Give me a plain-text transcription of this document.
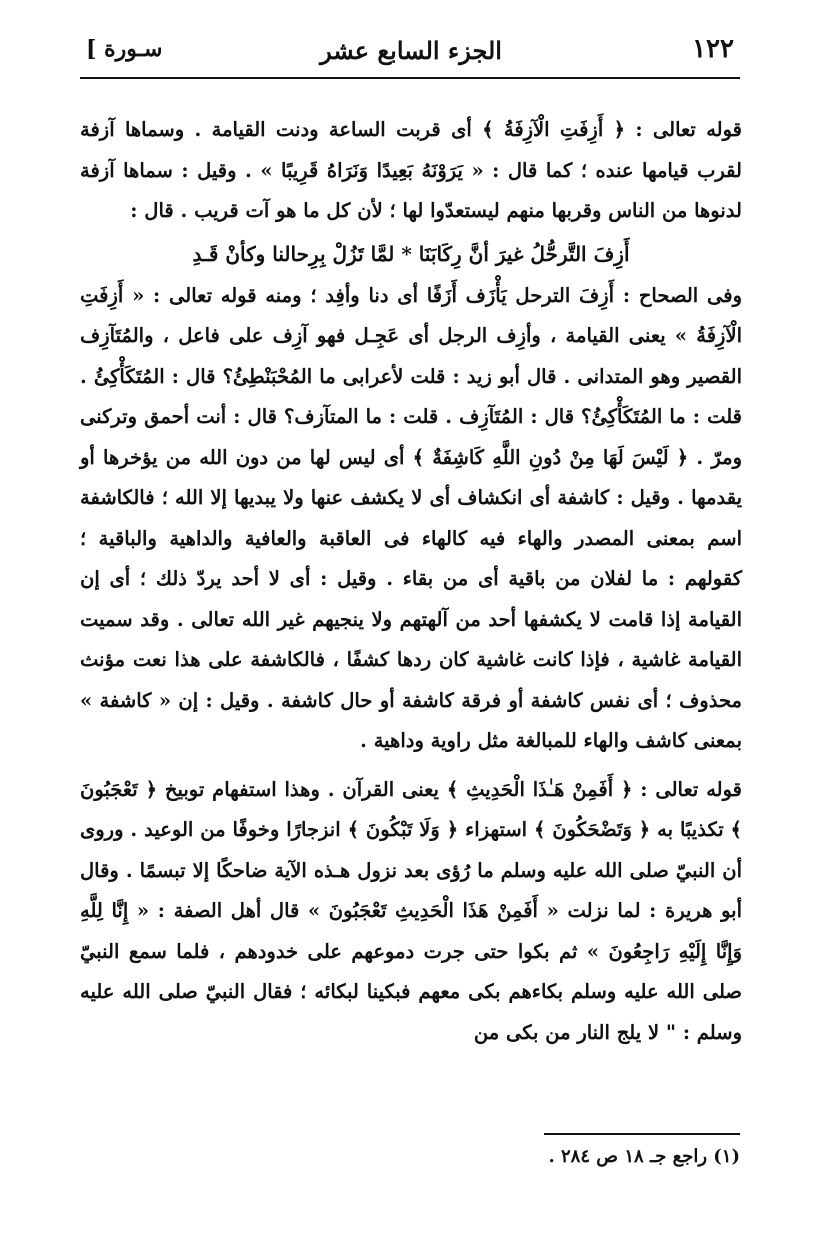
١٢٢
الجزء السابع عشر
[ سـورة

قوله تعالى : ﴿ أَزِفَتِ الْآزِفَةُ ﴾ أى قربت الساعة ودنت القيامة . وسماها آزفة لقرب قيامها عنده ؛ كما قال : « يَرَوْنَهُ بَعِيدًا وَنَرَاهُ قَرِيبًا » . وقيل : سماها آزفة لدنوها من الناس وقربها منهم ليستعدّوا لها ؛ لأن كل ما هو آت قريب . قال :

أَزِفَ التَّرحُّلُ غيرَ أنَّ رِكَابَنَا * لمَّا تَزُلْ بِرِحالنا وكأنْ قَـدِ

وفى الصحاح : أَزِفَ الترحل يَأْزَف أَزَفًا أى دنا وأفِد ؛ ومنه قوله تعالى : « أَزِفَتِ الْآزِفَةُ » يعنى القيامة ، وأزِف الرجل أى عَجِـل فهو آزِف على فاعل ، والمُتَآزِف القصير وهو المتدانى . قال أبو زيد : قلت لأعرابى ما المُحْبَنْطِئُ؟ قال : المُتَكَأْكِئُ . قلت : ما المُتَكَأْكِئُ؟ قال : المُتَآزِف . قلت : ما المتآزف؟ قال : أنت أحمق وتركنى ومرّ . ﴿ لَيْسَ لَهَا مِنْ دُونِ اللَّهِ كَاشِفَةٌ ﴾ أى ليس لها من دون الله من يؤخرها أو يقدمها . وقيل : كاشفة أى انكشاف أى لا يكشف عنها ولا يبديها إلا الله ؛ فالكاشفة اسم بمعنى المصدر والهاء فيه كالهاء فى العاقبة والعافية والداهية والباقية ؛ كقولهم : ما لفلان من باقية أى من بقاء . وقيل : أى لا أحد يردّ ذلك ؛ أى إن القيامة إذا قامت لا يكشفها أحد من آلهتهم ولا ينجيهم غير الله تعالى . وقد سميت القيامة غاشية ، فإذا كانت غاشية كان ردها كشفًا ، فالكاشفة على هذا نعت مؤنث محذوف ؛ أى نفس كاشفة أو فرقة كاشفة أو حال كاشفة . وقيل : إن « كاشفة » بمعنى كاشف والهاء للمبالغة مثل راوية وداهية .

قوله تعالى : ﴿ أَفَمِنْ هَـٰذَا الْحَدِيثِ ﴾ يعنى القرآن . وهذا استفهام توبيخ ﴿ تَعْجَبُونَ ﴾ تكذيبًا به ﴿ وَتَضْحَكُونَ ﴾ استهزاء ﴿ وَلَا تَبْكُونَ ﴾ انزجارًا وخوفًا من الوعيد . وروى أن النبيّ صلى الله عليه وسلم ما رُؤى بعد نزول هـذه الآية ضاحكًا إلا تبسمًا . وقال أبو هريرة : لما نزلت « أَفَمِنْ هَذَا الْحَدِيثِ تَعْجَبُونَ » قال أهل الصفة : « إِنَّا لِلَّهِ وَإِنَّا إِلَيْهِ رَاجِعُونَ » ثم بكوا حتى جرت دموعهم على خدودهم ، فلما سمع النبيّ صلى الله عليه وسلم بكاءهم بكى معهم فبكينا لبكائه ؛ فقال النبيّ صلى الله عليه وسلم : " لا يلج النار من بكى من

(١) راجع جـ ١٨ ص ٢٨٤ .
